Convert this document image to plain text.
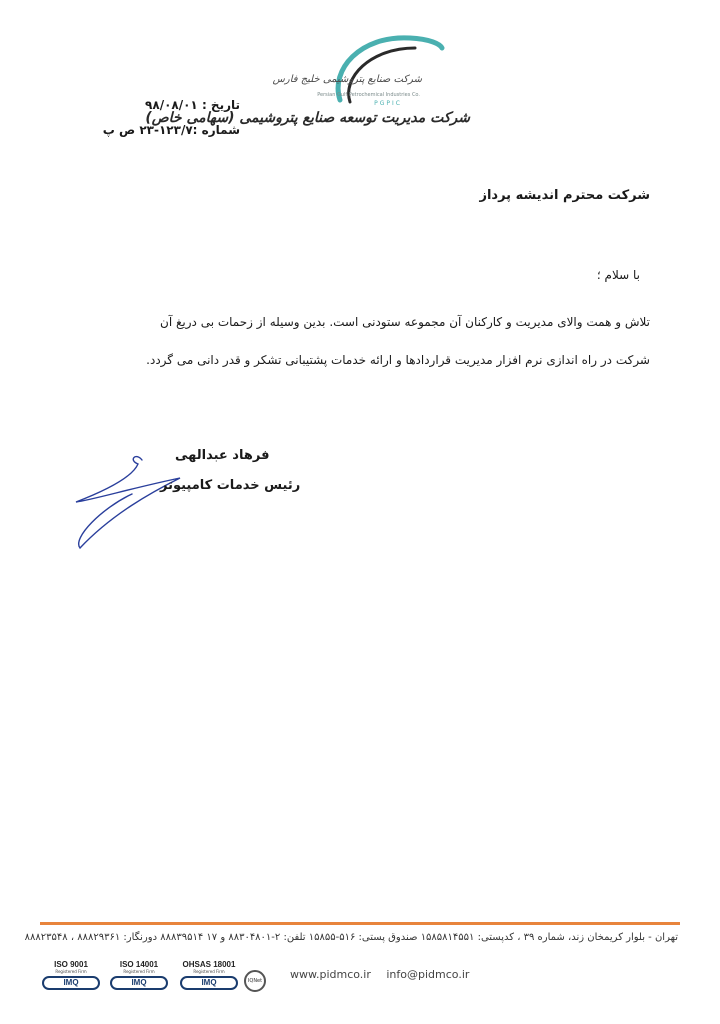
تاریخ : ۹۸/۰۸/۰۱
شماره :۱۲۳/۷-۲۳ ص پ
شرکت صنایع پتروشیمی خلیج فارس
Persian Gulf Petrochemical Industries Co.
PGPIC
شرکت مدیریت توسعه صنایع پتروشیمی (سهامی خاص)
شرکت محترم اندیشه پرداز
با سلام ؛
تلاش و همت والای مدیریت و کارکنان آن مجموعه ستودنی است. بدین وسیله از زحمات بی دریغ آن
شرکت در راه اندازی نرم افزار مدیریت قراردادها و ارائه خدمات پشتیبانی تشکر و قدر دانی می گردد.
فرهاد عبدالهی
رئیس خدمات کامپیوتر
تهران - بلوار کریمخان زند، شماره ۳۹ ، کدپستی: ۱۵۸۵۸۱۴۵۵۱ صندوق پستی: ۵۱۶-۱۵۸۵۵ تلفن: ۲-۸۸۳۰۴۸۰۱ و ۱۷ ۸۸۸۳۹۵۱۴ دورنگار: ۸۸۸۲۹۳۶۱ ، ۸۸۸۲۳۵۴۸
www.pidmco.ir info@pidmco.ir
ISO 9001
Registered Firm
IMQ
ISO 14001
Registered Firm
IMQ
OHSAS 18001
Registered Firm
IMQ	IQNet
